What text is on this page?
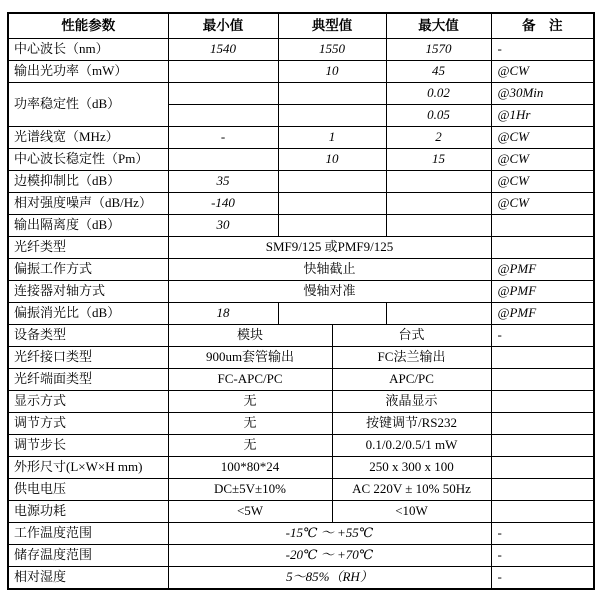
性能参数	最小值	典型值		最大值	备　注
中心波长（nm）	1540	1550		1570	-
输出光功率（mW）		10		45	@CW
功率稳定性（dB）				0.02	@30Min
				0.05	@1Hr
光谱线宽（MHz）	-	1		2	@CW
中心波长稳定性（Pm）		10		15	@CW
边模抑制比（dB）	35				@CW
相对强度噪声（dB/Hz）	-140				@CW
输出隔离度（dB）	30				
光纤类型	SMF9/125 或PMF9/125				
偏振工作方式	快轴截止				@PMF
连接器对轴方式	慢轴对准				@PMF
偏振消光比（dB）	18				@PMF
设备类型	模块		台式		-
光纤接口类型	900um套管输出		FC法兰输出		
光纤端面类型	FC-APC/PC		APC/PC		
显示方式	无		液晶显示		
调节方式	无		按键调节/RS232		
调节步长	无		0.1/0.2/0.5/1 mW		
外形尺寸(L×W×H mm)	100*80*24		250 x 300 x 100		
供电电压	DC±5V±10%		AC 220V ± 10% 50Hz		
电源功耗	<5W		<10W		
工作温度范围	-15℃ ～ +55℃				-
储存温度范围	-20℃ ～ +70℃				-
相对湿度	5～85%（RH）				-
